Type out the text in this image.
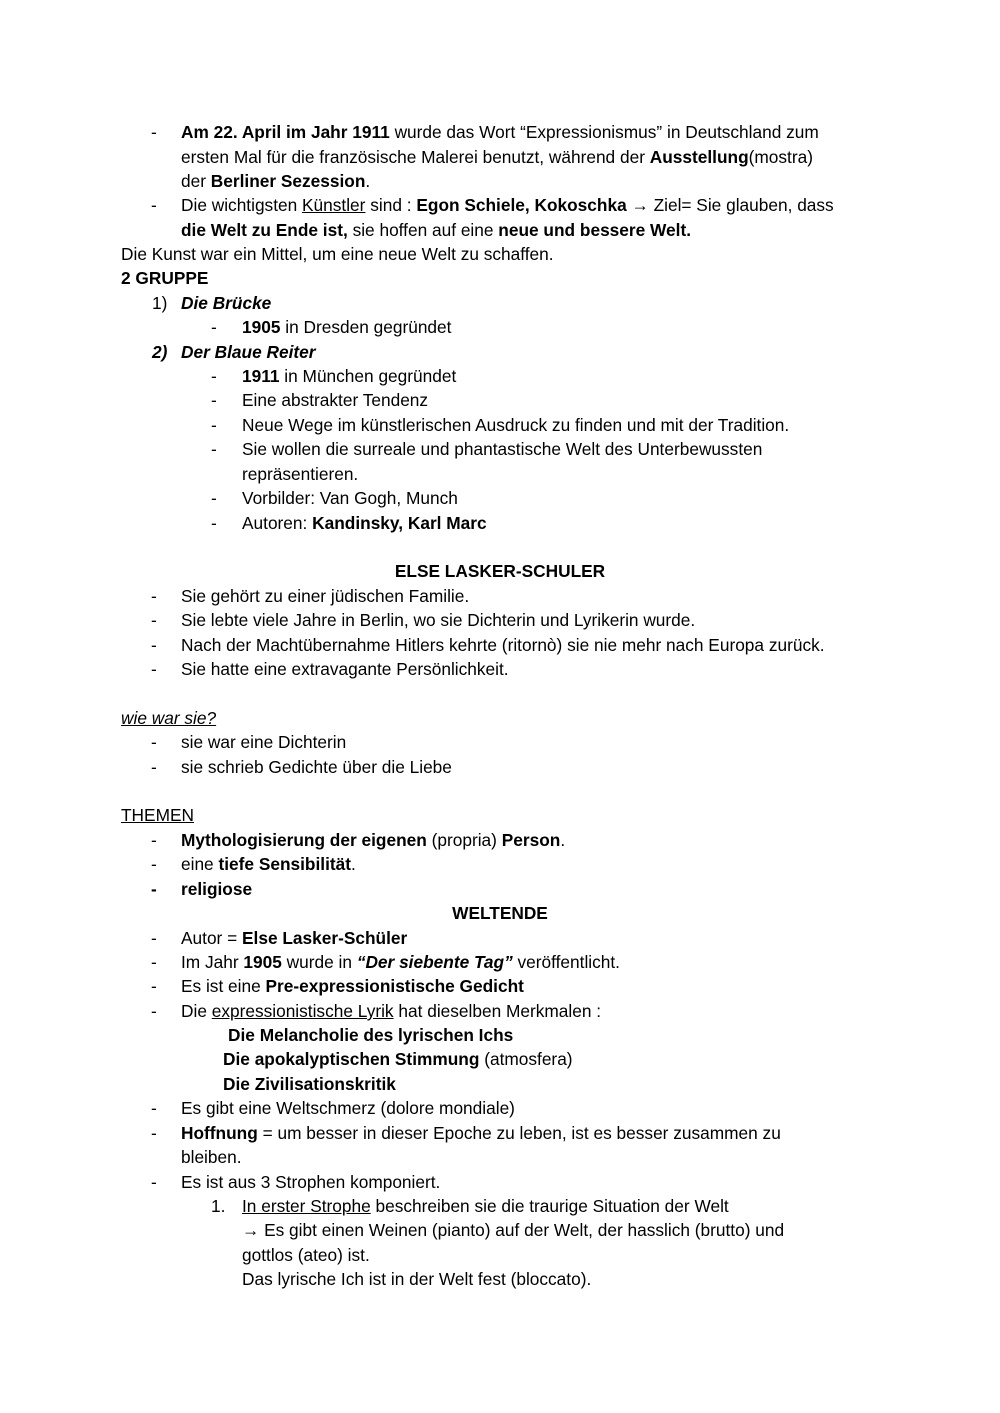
- Am 22. April im Jahr 1911 wurde das Wort “Expressionismus” in Deutschland zum
ersten Mal für die französische Malerei benutzt, während der Ausstellung(mostra)
der Berliner Sezession.
- Die wichtigsten Künstler sind : Egon Schiele, Kokoschka → Ziel= Sie glauben, dass
die Welt zu Ende ist, sie hoffen auf eine neue und bessere Welt.
Die Kunst war ein Mittel, um eine neue Welt zu schaffen.
2 GRUPPE
1) Die Brücke
- 1905 in Dresden gegründet
2) Der Blaue Reiter
- 1911 in München gegründet
- Eine abstrakter Tendenz
- Neue Wege im künstlerischen Ausdruck zu finden und mit der Tradition.
- Sie wollen die surreale und phantastische Welt des Unterbewussten
repräsentieren.
- Vorbilder: Van Gogh, Munch
- Autoren: Kandinsky, Karl Marc
ELSE LASKER-SCHULER
- Sie gehört zu einer jüdischen Familie.
- Sie lebte viele Jahre in Berlin, wo sie Dichterin und Lyrikerin wurde.
- Nach der Machtübernahme Hitlers kehrte (ritornò) sie nie mehr nach Europa zurück.
- Sie hatte eine extravagante Persönlichkeit.
wie war sie?
- sie war eine Dichterin
- sie schrieb Gedichte über die Liebe
THEMEN
- Mythologisierung der eigenen (propria) Person.
- eine tiefe Sensibilität.
- religiose
WELTENDE
- Autor = Else Lasker-Schüler
- Im Jahr 1905 wurde in “Der siebente Tag” veröffentlicht.
- Es ist eine Pre-expressionistische Gedicht
- Die expressionistische Lyrik hat dieselben Merkmalen :
Die Melancholie des lyrischen Ichs
Die apokalyptischen Stimmung (atmosfera)
Die Zivilisationskritik
- Es gibt eine Weltschmerz (dolore mondiale)
- Hoffnung = um besser in dieser Epoche zu leben, ist es besser zusammen zu
bleiben.
- Es ist aus 3 Strophen komponiert.
1. In erster Strophe beschreiben sie die traurige Situation der Welt
→ Es gibt einen Weinen (pianto) auf der Welt, der hasslich (brutto) und
gottlos (ateo) ist.
Das lyrische Ich ist in der Welt fest (bloccato).
